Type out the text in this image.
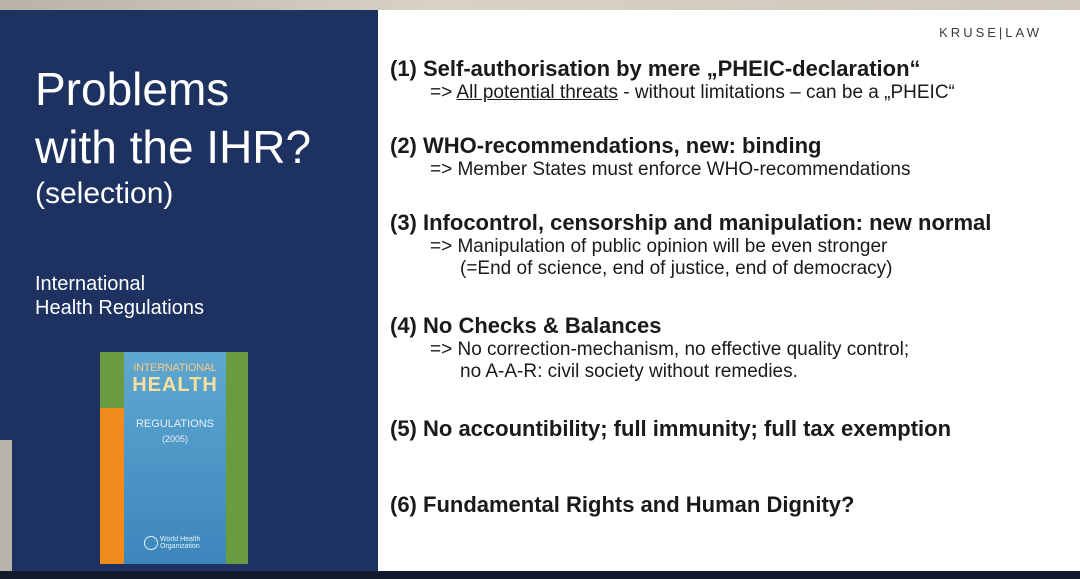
Problems
with the IHR?
(selection)
International
Health Regulations
INTERNATIONAL
HEALTH
REGULATIONS
(2005)
World Health Organization
KRUSE|LAW
(1) Self-authorisation by mere „PHEIC-declaration“
=> All potential threats - without limitations – can be a „PHEIC“
(2) WHO-recommendations, new: binding
=> Member States must enforce WHO-recommendations
(3) Infocontrol, censorship and manipulation: new normal
=> Manipulation of public opinion will be even stronger
(=End of science, end of justice, end of democracy)
(4) No Checks & Balances
=> No correction-mechanism, no effective quality control;
no A-A-R: civil society without remedies.
(5) No accountibility; full immunity; full tax exemption
(6) Fundamental Rights and Human Dignity?
